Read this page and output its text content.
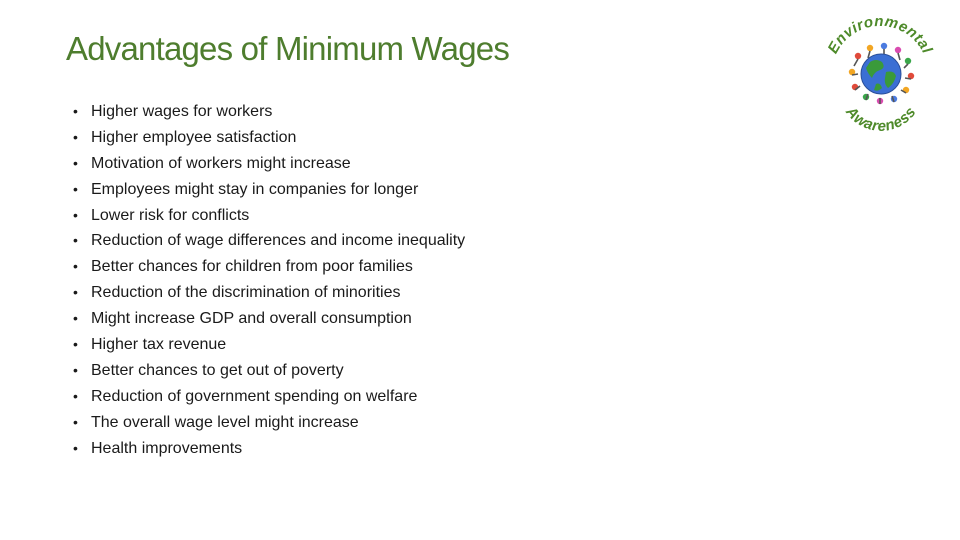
Advantages of Minimum Wages
• Higher wages for workers
• Higher employee satisfaction
• Motivation of workers might increase
• Employees might stay in companies for longer
• Lower risk for conflicts
• Reduction of wage differences and income inequality
• Better chances for children from poor families
• Reduction of the discrimination of minorities
• Might increase GDP and overall consumption
• Higher tax revenue
• Better chances to get out of poverty
• Reduction of government spending on welfare
• The overall wage level might increase
• Health improvements
Environmental
Awareness
